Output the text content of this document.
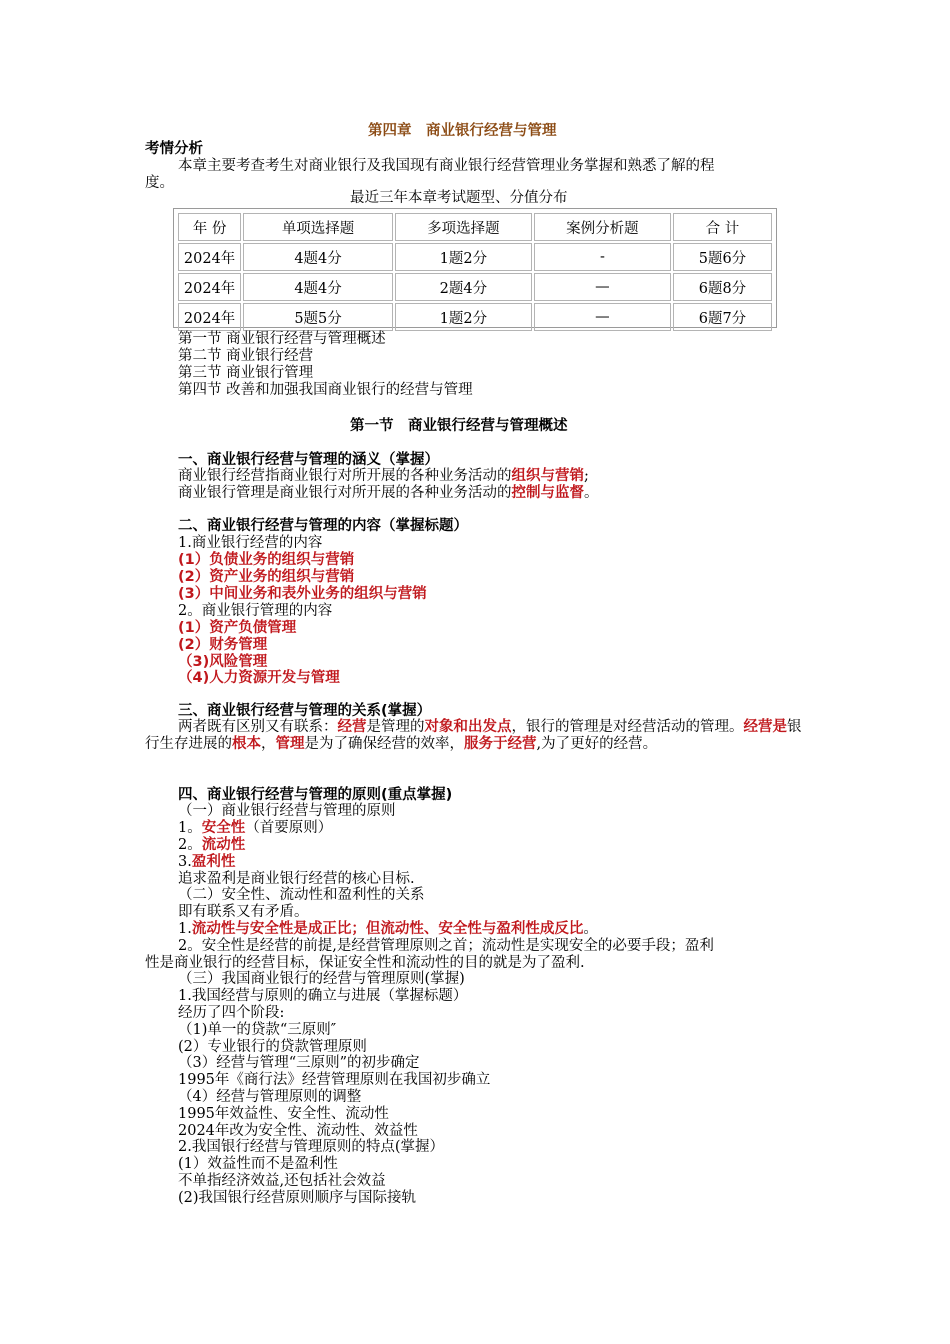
第四章　商业银行经营与管理
考情分析
本章主要考查考生对商业银行及我国现有商业银行经营管理业务掌握和熟悉了解的程
度。
最近三年本章考试题型、分值分布
年 份	单项选择题	多项选择题	案例分析题	合 计
2024年	4题4分	1题2分	-	5题6分
2024年	4题4分	2题4分	—	6题8分
2024年	5题5分	1题2分	—	6题7分
第一节 商业银行经营与管理概述
第二节 商业银行经营
第三节 商业银行管理
第四节 改善和加强我国商业银行的经营与管理
第一节　商业银行经营与管理概述
一、商业银行经营与管理的涵义（掌握）
商业银行经营指商业银行对所开展的各种业务活动的组织与营销;
商业银行管理是商业银行对所开展的各种业务活动的控制与监督。
二、商业银行经营与管理的内容（掌握标题）
1.商业银行经营的内容
(1）负债业务的组织与营销
(2）资产业务的组织与营销
(3）中间业务和表外业务的组织与营销
2。商业银行管理的内容
(1）资产负债管理
(2）财务管理
（3)风险管理
（4)人力资源开发与管理
三、商业银行经营与管理的关系(掌握）
两者既有区别又有联系：经营是管理的对象和出发点，银行的管理是对经营活动的管理。经营是银行生存进展的根本，管理是为了确保经营的效率，服务于经营,为了更好的经营。
四、商业银行经营与管理的原则(重点掌握)
（一）商业银行经营与管理的原则
1。安全性（首要原则）
2。流动性
3.盈利性
追求盈利是商业银行经营的核心目标.
（二）安全性、流动性和盈利性的关系
即有联系又有矛盾。
1.流动性与安全性是成正比；但流动性、安全性与盈利性成反比。
2。安全性是经营的前提,是经营管理原则之首；流动性是实现安全的必要手段；盈利
性是商业银行的经营目标，保证安全性和流动性的目的就是为了盈利.
（三）我国商业银行的经营与管理原则(掌握)
1.我国经营与原则的确立与进展（掌握标题）
经历了四个阶段:
（1)单一的贷款“三原则″
(2）专业银行的贷款管理原则
（3）经营与管理“三原则”的初步确定
1995年《商行法》经营管理原则在我国初步确立
（4）经营与管理原则的调整
1995年效益性、安全性、流动性
2024年改为安全性、流动性、效益性
2.我国银行经营与管理原则的特点(掌握）
(1）效益性而不是盈利性
不单指经济效益,还包括社会效益
(2)我国银行经营原则顺序与国际接轨
